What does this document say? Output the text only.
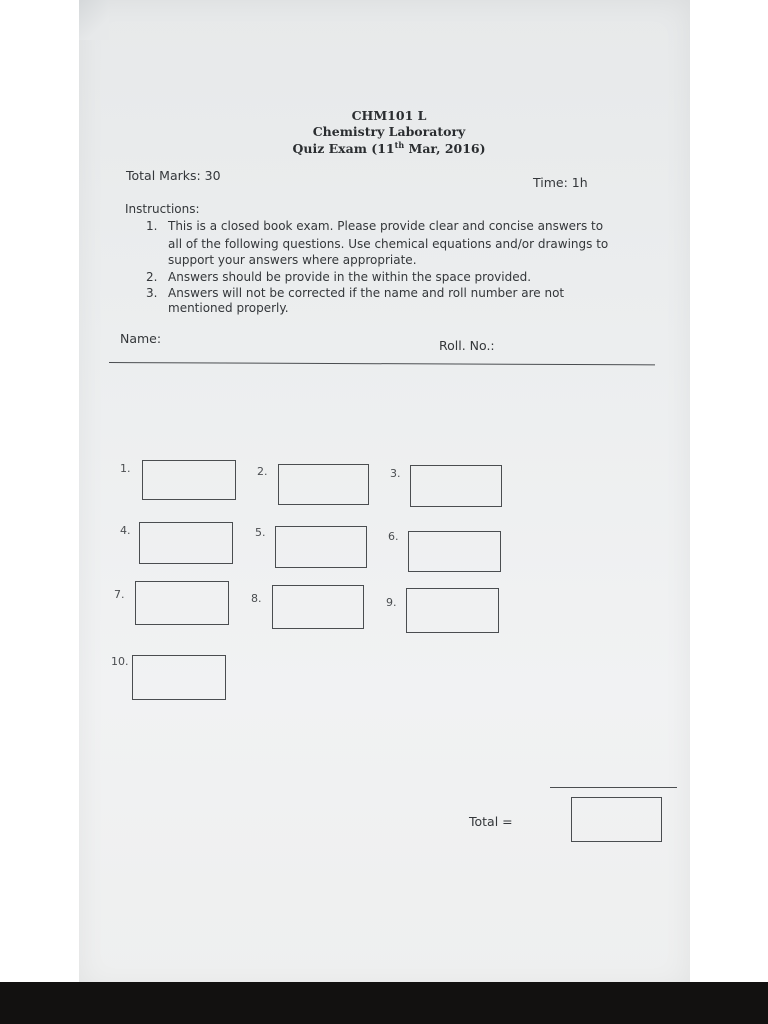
CHM101 L
Chemistry Laboratory
Quiz Exam (11th Mar, 2016)
Total Marks: 30	Time: 1h
Instructions:
1. This is a closed book exam. Please provide clear and concise answers to
all of the following questions. Use chemical equations and/or drawings to
support your answers where appropriate.
2. Answers should be provide in the within the space provided.
3. Answers will not be corrected if the name and roll number are not
mentioned properly.
Name:	Roll. No.:
1.	2.	3.
4.	5.	6.
7.	8.	9.
10.
Total =
